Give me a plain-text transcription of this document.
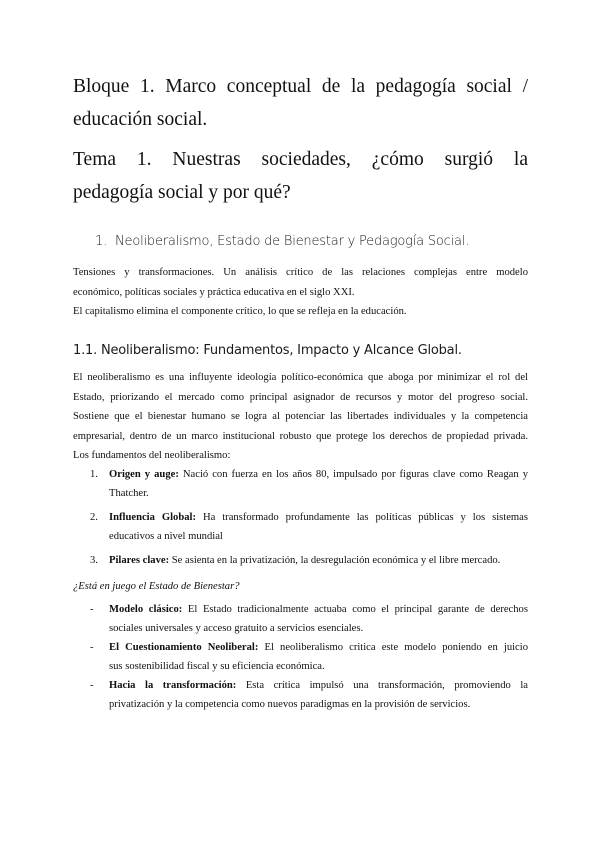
Bloque 1. Marco conceptual de la pedagogía social /
educación social.
Tema 1. Nuestras sociedades, ¿cómo surgió la
pedagogía social y por qué?
1. Neoliberalismo, Estado de Bienestar y Pedagogía Social.
Tensiones y transformaciones. Un análisis crítico de las relaciones complejas entre modelo
económico, políticas sociales y práctica educativa en el siglo XXI.
El capitalismo elimina el componente crítico, lo que se refleja en la educación.
1.1. Neoliberalismo: Fundamentos, Impacto y Alcance Global.
El neoliberalismo es una influyente ideología político-económica que aboga por minimizar el rol del
Estado, priorizando el mercado como principal asignador de recursos y motor del progreso social.
Sostiene que el bienestar humano se logra al potenciar las libertades individuales y la competencia
empresarial, dentro de un marco institucional robusto que protege los derechos de propiedad privada.
Los fundamentos del neoliberalismo:
1. Origen y auge: Nació con fuerza en los años 80, impulsado por figuras clave como Reagan y
Thatcher.
2. Influencia Global: Ha transformado profundamente las políticas públicas y los sistemas
educativos a nivel mundial
3. Pilares clave: Se asienta en la privatización, la desregulación económica y el libre mercado.
¿Está en juego el Estado de Bienestar?
- Modelo clásico: El Estado tradicionalmente actuaba como el principal garante de derechos
sociales universales y acceso gratuito a servicios esenciales.
- El Cuestionamiento Neoliberal: El neoliberalismo critica este modelo poniendo en juicio
sus sostenibilidad fiscal y su eficiencia económica.
- Hacia la transformación: Esta crítica impulsó una transformación, promoviendo la
privatización y la competencia como nuevos paradigmas en la provisión de servicios.
